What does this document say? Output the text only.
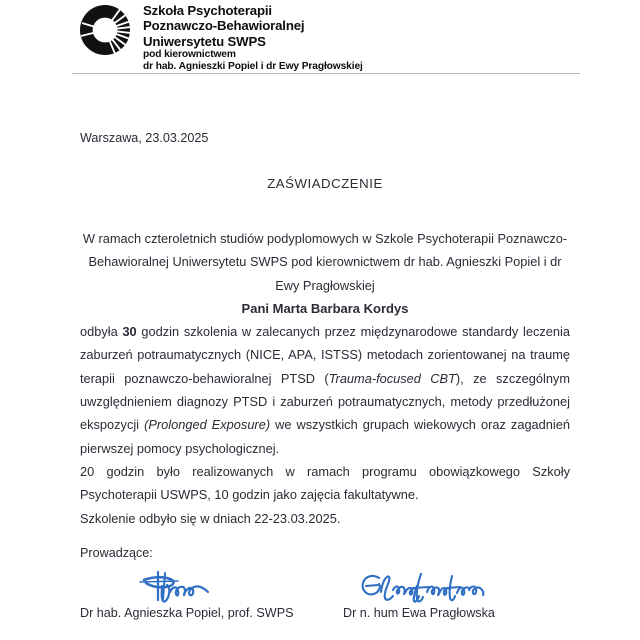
Szkoła Psychoterapii
Poznawczo-Behawioralnej
Uniwersytetu SWPS
pod kierownictwem
dr hab. Agnieszki Popiel i dr Ewy Pragłowskiej
Warszawa, 23.03.2025
ZAŚWIADCZENIE

W ramach czteroletnich studiów podyplomowych w Szkole Psychoterapii Poznawczo-Behawioralnej Uniwersytetu SWPS pod kierownictwem dr hab. Agnieszki Popiel i dr Ewy Pragłowskiej

Pani Marta Barbara Kordys

odbyła 30 godzin szkolenia w zalecanych przez międzynarodowe standardy leczenia zaburzeń potraumatycznych (NICE, APA, ISTSS) metodach zorientowanej na traumę terapii poznawczo-behawioralnej PTSD (Trauma-focused CBT), ze szczególnym uwzględnieniem diagnozy PTSD i zaburzeń potraumatycznych, metody przedłużonej ekspozycji (Prolonged Exposure) we wszystkich grupach wiekowych oraz zagadnień pierwszej pomocy psychologicznej.

20 godzin było realizowanych w ramach programu obowiązkowego Szkoły Psychoterapii USWPS, 10 godzin jako zajęcia fakultatywne.

Szkolenie odbyło się w dniach 22-23.03.2025.

Prowadzące:
Dr hab. Agnieszka Popiel, prof. SWPS	Dr n. hum Ewa Pragłowska
